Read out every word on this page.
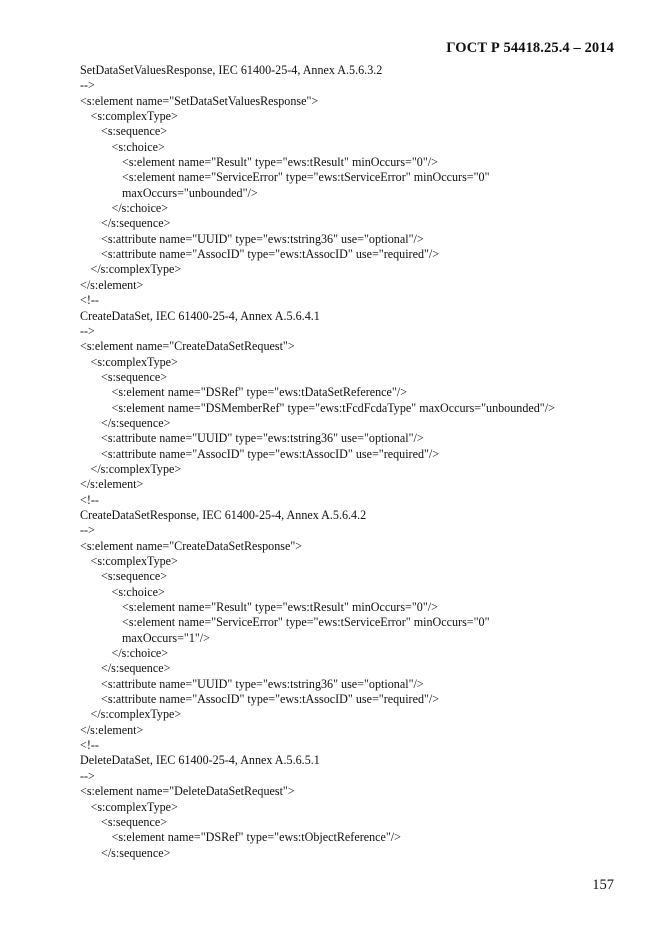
ГОСТ Р 54418.25.4 – 2014
SetDataSetValuesResponse, IEC 61400-25-4, Annex A.5.6.3.2
-->
<s:element name="SetDataSetValuesResponse">
<s:complexType>
<s:sequence>
<s:choice>
<s:element name="Result" type="ews:tResult" minOccurs="0"/>
<s:element name="ServiceError" type="ews:tServiceError" minOccurs="0"
maxOccurs="unbounded"/>
</s:choice>
</s:sequence>
<s:attribute name="UUID" type="ews:tstring36" use="optional"/>
<s:attribute name="AssocID" type="ews:tAssocID" use="required"/>
</s:complexType>
</s:element>
<!--
CreateDataSet, IEC 61400-25-4, Annex A.5.6.4.1
-->
<s:element name="CreateDataSetRequest">
<s:complexType>
<s:sequence>
<s:element name="DSRef" type="ews:tDataSetReference"/>
<s:element name="DSMemberRef" type="ews:tFcdFcdaType" maxOccurs="unbounded"/>
</s:sequence>
<s:attribute name="UUID" type="ews:tstring36" use="optional"/>
<s:attribute name="AssocID" type="ews:tAssocID" use="required"/>
</s:complexType>
</s:element>
<!--
CreateDataSetResponse, IEC 61400-25-4, Annex A.5.6.4.2
-->
<s:element name="CreateDataSetResponse">
<s:complexType>
<s:sequence>
<s:choice>
<s:element name="Result" type="ews:tResult" minOccurs="0"/>
<s:element name="ServiceError" type="ews:tServiceError" minOccurs="0"
maxOccurs="1"/>
</s:choice>
</s:sequence>
<s:attribute name="UUID" type="ews:tstring36" use="optional"/>
<s:attribute name="AssocID" type="ews:tAssocID" use="required"/>
</s:complexType>
</s:element>
<!--
DeleteDataSet, IEC 61400-25-4, Annex A.5.6.5.1
-->
<s:element name="DeleteDataSetRequest">
<s:complexType>
<s:sequence>
<s:element name="DSRef" type="ews:tObjectReference"/>
</s:sequence>
157
